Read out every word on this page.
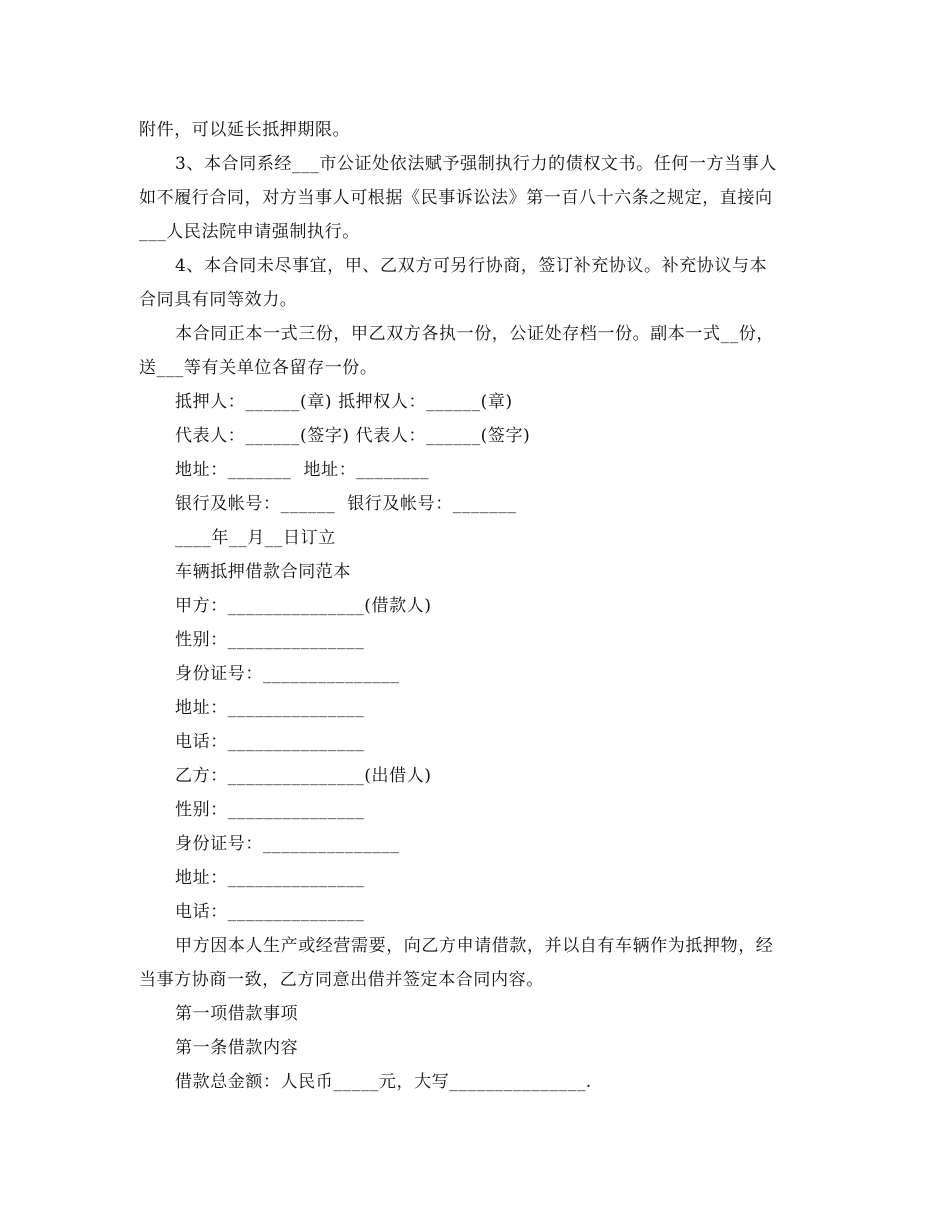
附件，可以延长抵押期限。
3、本合同系经___市公证处依法赋予强制执行力的债权文书。任何一方当事人
如不履行合同，对方当事人可根据《民事诉讼法》第一百八十六条之规定，直接向
___人民法院申请强制执行。
4、本合同未尽事宜，甲、乙双方可另行协商，签订补充协议。补充协议与本
合同具有同等效力。
本合同正本一式三份，甲乙双方各执一份，公证处存档一份。副本一式__份，
送___等有关单位各留存一份。
抵押人：______(章) 抵押权人：______(章)
代表人：______(签字) 代表人：______(签字)
地址：_______  地址：________
银行及帐号：______  银行及帐号：_______
____年__月__日订立
车辆抵押借款合同范本
甲方：_______________(借款人)
性别：_______________
身份证号：_______________
地址：_______________
电话：_______________
乙方：_______________(出借人)
性别：_______________
身份证号：_______________
地址：_______________
电话：_______________
甲方因本人生产或经营需要，向乙方申请借款，并以自有车辆作为抵押物，经
当事方协商一致，乙方同意出借并签定本合同内容。
第一项借款事项
第一条借款内容
借款总金额：人民币_____元，大写_______________.
